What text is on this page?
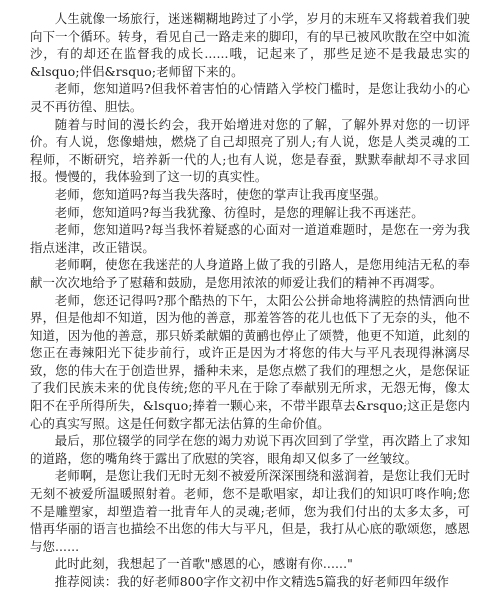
人生就像一场旅行，迷迷糊糊地跨过了小学，岁月的末班车又将载着我们驶向下一个循环。转身，看见自己一路走来的脚印，有的早已被风吹散在空中如流沙，有的却还在监督我的成长......哦，记起来了，那些足迹不是我最忠实的&lsquo;伴侣&rsquo;老师留下来的。

老师，您知道吗?但我怀着害怕的心情踏入学校门槛时，是您让我幼小的心灵不再彷徨、胆怯。

随着与时间的漫长约会，我开始增进对您的了解，了解外界对您的一切评价。有人说，您像蜡烛，燃烧了自己却照亮了别人;有人说，您是人类灵魂的工程师，不断研究，培养新一代的人;也有人说，您是春蚕，默默奉献却不寻求回报。慢慢的，我体验到了这一切的真实性。

老师，您知道吗?每当我失落时，使您的掌声让我再度坚强。

老师，您知道吗?每当我犹豫、彷徨时，是您的理解让我不再迷茫。

老师，您知道吗?每当我怀着疑惑的心面对一道道难题时，是您在一旁为我指点迷津，改正错误。

老师啊，使您在我迷茫的人身道路上做了我的引路人，是您用纯洁无私的奉献一次次地给予了慰藉和鼓励，是您用浓浓的师爱让我们的精神不再凋零。

老师，您还记得吗?那个酷热的下午，太阳公公拼命地将满腔的热情洒向世界，但是他却不知道，因为他的善意，那羞答答的花儿也低下了无奈的头，他不知道，因为他的善意，那只娇柔献媚的黄鹂也停止了颂赞，他更不知道，此刻的您正在毒辣阳光下徒步前行，或许正是因为才将您的伟大与平凡表现得淋漓尽致，您的伟大在于创造世界，播种未来，是您点燃了我们的理想之火，是您保证了我们民族未来的优良传统;您的平凡在于除了奉献别无所求，无怨无悔，像太阳不在乎所得所失，&lsquo;捧着一颗心来，不带半跟草去&rsquo;这正是您内心的真实写照。这是任何数字都无法估算的生命价值。

最后，那位辍学的同学在您的竭力劝说下再次回到了学堂，再次踏上了求知的道路，您的嘴角终于露出了欣慰的笑容，眼角却又似多了一丝皱纹。

老师啊，是您让我们无时无刻不被爱所深深围绕和滋润着，是您让我们无时无刻不被爱所温暖照射着。老师，您不是歌唱家，却让我们的知识叮咚作响;您不是雕塑家，却塑造着一批青年人的灵魂;老师，您为我们付出的太多太多，可惜再华丽的语言也描绘不出您的伟大与平凡，但是，我打从心底的歌颂您，感恩与您......

此时此刻，我想起了一首歌"感恩的心，感谢有你......"

推荐阅读：我的好老师800字作文初中作文精选5篇我的好老师四年级作
